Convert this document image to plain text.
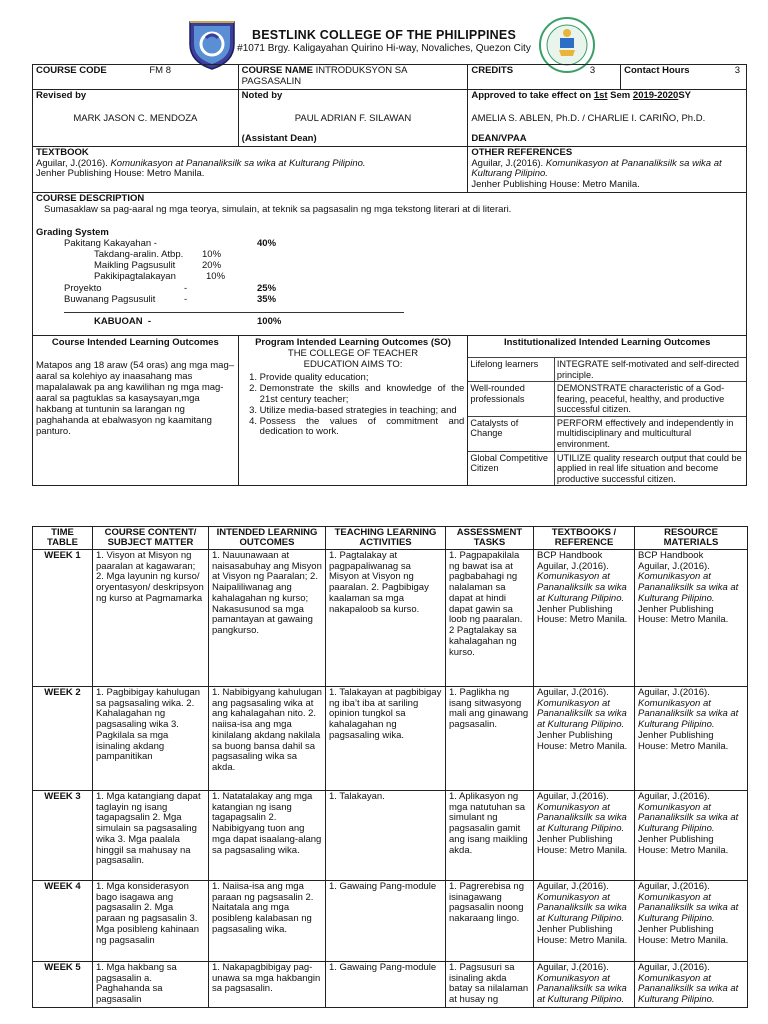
BESTLINK COLLEGE OF THE PHILIPPINES
#1071 Brgy. Kaligayahan Quirino Hi-way, Novaliches, Quezon City
COURSE CODE	FM 8	COURSE NAME INTRODUKSYON SA PAGSASALIN	CREDITS	3	Contact Hours	3

Revised by
MARK JASON C. MENDOZA

Noted by
PAUL ADRIAN F. SILAWAN
(Assistant Dean)

Approved to take effect on 1st Sem 2019-2020SY
AMELIA S. ABLEN, Ph.D. / CHARLIE I. CARIÑO, Ph.D.
DEAN/VPAA

TEXTBOOK
Aguilar, J.(2016). Komunikasyon at Pananaliksilk sa wika at Kulturang Pilipino.
Jenher Publishing House: Metro Manila.

OTHER REFERENCES
Aguilar, J.(2016). Komunikasyon at Pananaliksilk sa wika at Kulturang Pilipino.
Jenher Publishing House: Metro Manila.

COURSE DESCRIPTION
Sumasaklaw sa pag-aaral ng mga teorya, simulain, at teknik sa pagsasalin ng mga tekstong literari at di literari.
Grading System
Pakitang Kakayahan -	40%
Takdang-aralin. Atbp. 10%
Maikling Pagsusulit	20%
Pakikipagtalakayan	10%
Proyekto	-	25%
Buwanang Pagsusulit	-	35%
KABUOAN  -	100%

Course Intended Learning Outcomes
Matapos ang 18 araw (54 oras) ang mga mag–aaral sa kolehiyo ay inaasahang mas mapalalawak pa ang kawilihan ng mga mag-aaral sa pagtuklas sa kasaysayan,mga hakbang at tuntunin sa larangan ng paghahanda at ebalwasyon ng kaamitang panturo.

Program Intended Learning Outcomes (SO)
THE COLLEGE OF TEACHER EDUCATION AIMS TO:
1. Provide quality education;
2. Demonstrate the skills and knowledge of the 21st century teacher;
3. Utilize media-based strategies in teaching; and
4. Possess the values of commitment and dedication to work.

Institutionalized Intended Learning Outcomes
Lifelong learners	INTEGRATE self-motivated and self-directed principle.
Well-rounded professionals	DEMONSTRATE characteristic of a God-fearing, peaceful, healthy, and productive successful citizen.
Catalysts of Change	PERFORM effectively and independently in multidisciplinary and multicultural environment.
Global Competitive Citizen	UTILIZE quality research output that could be applied in real life situation and become productive successful citizen.
TIME TABLE	COURSE CONTENT/ SUBJECT MATTER	INTENDED LEARNING OUTCOMES	TEACHING LEARNING ACTIVITIES	ASSESSMENT TASKS	TEXTBOOKS / REFERENCE	RESOURCE MATERIALS
WEEK 1	1. Visyon at Misyon ng paaralan at kagawaran; 2. Mga layunin ng kurso/ oryentasyon/ deskripsyon ng kurso at Pagmamarka	1. Nauunawaan at naisasabuhay ang Misyon at Visyon ng Paaralan; 2. Naipaliliwanag ang kahalagahan ng kurso; Nakasusunod sa mga pamantayan at gawaing pangkurso.	1. Pagtalakay at pagpapaliwanag sa Misyon at Visyon ng paaralan. 2. Pagbibigay kaalaman sa mga nakapaloob sa kurso.	1. Pagpapakilala ng bawat isa at pagbabahagi ng nalalaman sa dapat at hindi dapat gawin sa loob ng paaralan. 2 Pagtalakay sa kahalagahan ng kurso.	BCP Handbook
Aguilar, J.(2016).
Komunikasyon at Pananaliksilk sa wika at Kulturang Pilipino.
Jenher Publishing House: Metro Manila.	BCP Handbook
Aguilar, J.(2016).
Komunikasyon at Pananaliksilk sa wika at Kulturang Pilipino.
Jenher Publishing House: Metro Manila.

WEEK 2	1. Pagbibigay kahulugan sa pagsasaling wika. 2. Kahalagahan ng pagsasaling wika 3. Pagkilala sa mga isinaling akdang pampanitikan	1. Nabibigyang kahulugan ang pagsasaling wika at ang kahalagahan nito. 2. naiisa-isa ang mga kinilalang akdang nakilala sa buong bansa dahil sa pagsasaling wika sa akda.	1. Talakayan at pagbibigay ng iba’t iba at sariling opinion tungkol sa kahalagahan ng pagsasaling wika.	1. Paglikha ng isang sitwasyong mali ang ginawang pagsasalin.	Aguilar, J.(2016).
Komunikasyon at Pananaliksilk sa wika at Kulturang Pilipino.
Jenher Publishing House: Metro Manila.	Aguilar, J.(2016).
Komunikasyon at Pananaliksilk sa wika at Kulturang Pilipino.
Jenher Publishing House: Metro Manila.

WEEK 3	1. Mga katangiang dapat taglayin ng isang tagapagsalin 2. Mga simulain sa pagsasaling wika 3. Mga paalala hinggil sa mahusay na pagsasalin.	1. Natatalakay ang mga katangian ng isang tagapagsalin 2. Nabibigyang tuon ang mga dapat isaalang-alang sa pagsasaling wika.	1. Talakayan.	1. Aplikasyon ng mga natutuhan sa simulant ng pagsasalin gamit ang isang maikling akda.	Aguilar, J.(2016).
Komunikasyon at Pananaliksilk sa wika at Kulturang Pilipino.
Jenher Publishing House: Metro Manila.	Aguilar, J.(2016).
Komunikasyon at Pananaliksilk sa wika at Kulturang Pilipino.
Jenher Publishing House: Metro Manila.

WEEK 4	1. Mga konsiderasyon bago isagawa ang pagsasalin 2. Mga paraan ng pagsasalin 3. Mga posibleng kahinaan ng pagsasalin	1. Naiisa-isa ang mga paraan ng pagsasalin 2. Naitatala ang mga posibleng kalabasan ng pagsasaling wika.	1. Gawaing Pang-module	1. Pagrerebisa ng isinagawang pagsasalin noong nakaraang lingo.	Aguilar, J.(2016).
Komunikasyon at Pananaliksilk sa wika at Kulturang Pilipino.
Jenher Publishing House: Metro Manila.	Aguilar, J.(2016).
Komunikasyon at Pananaliksilk sa wika at Kulturang Pilipino.
Jenher Publishing House: Metro Manila.

WEEK 5	1. Mga hakbang sa pagsasalin a. Paghahanda sa pagsasalin	1. Nakapagbibigay pag-unawa sa mga hakbangin sa pagsasalin.	1. Gawaing Pang-module	1. Pagsusuri sa isinaling akda batay sa nilalaman at husay ng	Aguilar, J.(2016).
Komunikasyon at Pananaliksilk sa wika at Kulturang Pilipino.	Aguilar, J.(2016).
Komunikasyon at Pananaliksilk sa wika at Kulturang Pilipino.
